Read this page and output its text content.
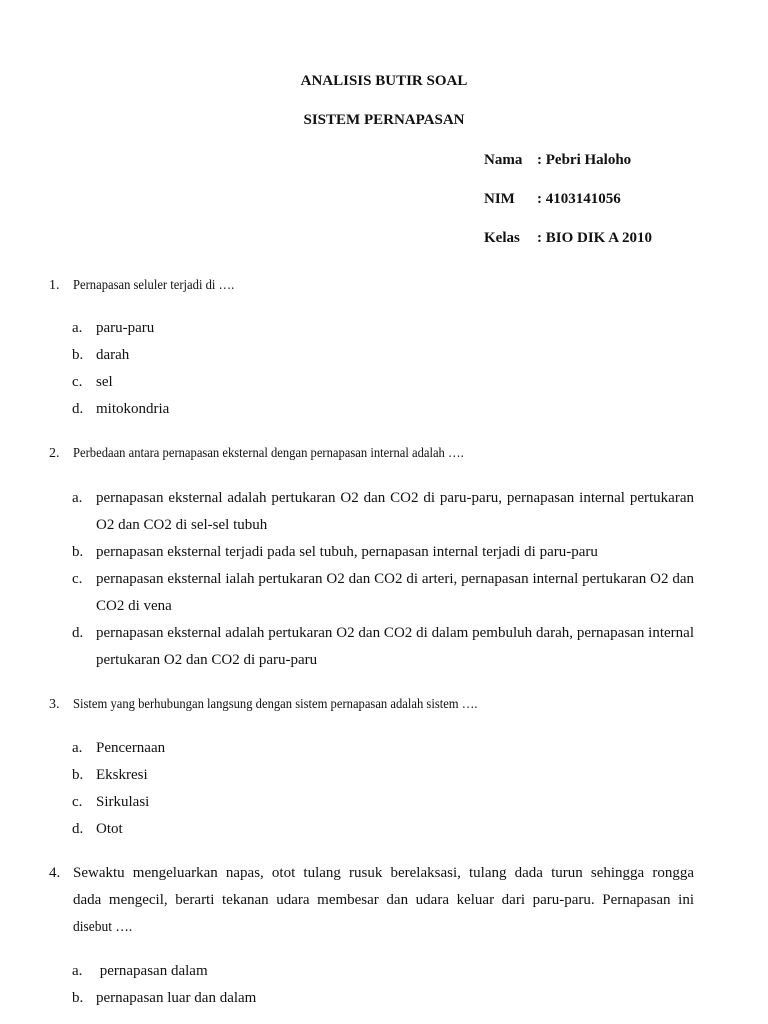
ANALISIS BUTIR SOAL
SISTEM PERNAPASAN
Nama : Pebri Haloho
NIM	: 4103141056
Kelas	: BIO DIK A 2010
1. Pernapasan seluler terjadi di ….
a. paru-paru
b. darah
c. sel
d. mitokondria
2. Perbedaan antara pernapasan eksternal dengan pernapasan internal adalah ….
a. pernapasan eksternal adalah pertukaran O2 dan CO2 di paru-paru, pernapasan internal pertukaran O2 dan CO2 di sel-sel tubuh
b. pernapasan eksternal terjadi pada sel tubuh, pernapasan internal terjadi di paru-paru
c. pernapasan eksternal ialah pertukaran O2 dan CO2 di arteri, pernapasan internal pertukaran O2 dan CO2 di vena
d. pernapasan eksternal adalah pertukaran O2 dan CO2 di dalam pembuluh darah, pernapasan internal pertukaran O2 dan CO2 di paru-paru
3. Sistem yang berhubungan langsung dengan sistem pernapasan adalah sistem ….
a. Pencernaan
b. Ekskresi
c. Sirkulasi
d. Otot
4. Sewaktu mengeluarkan napas, otot tulang rusuk berelaksasi, tulang dada turun sehingga rongga
dada mengecil, berarti tekanan udara membesar dan udara keluar dari paru-paru. Pernapasan ini
disebut ….
a. pernapasan dalam
b. pernapasan luar dan dalam
